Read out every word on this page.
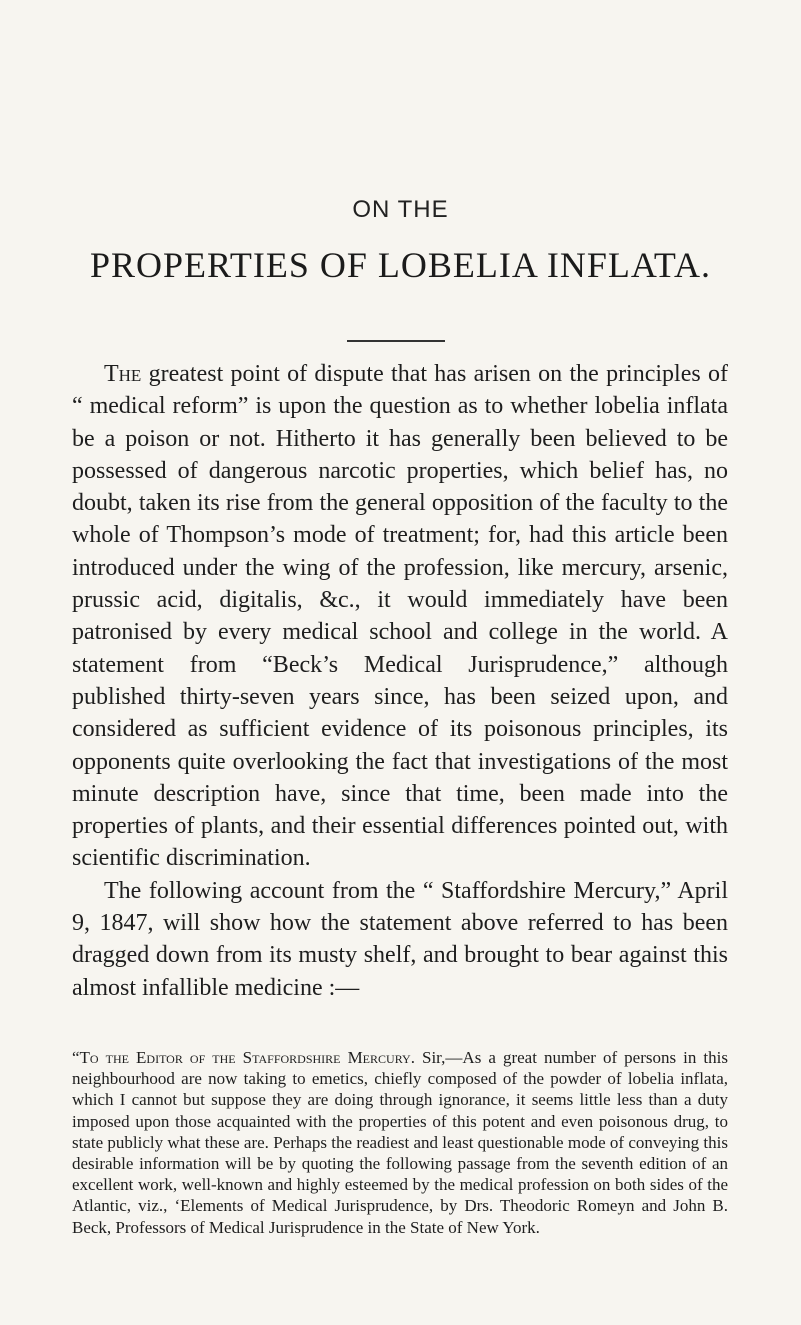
ON THE
PROPERTIES OF LOBELIA INFLATA.

The greatest point of dispute that has arisen on the principles of “ medical reform” is upon the question as to whether lobelia inflata be a poison or not. Hitherto it has generally been believed to be possessed of dangerous narcotic properties, which belief has, no doubt, taken its rise from the general opposition of the faculty to the whole of Thompson’s mode of treatment; for, had this article been introduced under the wing of the profession, like mercury, arsenic, prussic acid, digitalis, &c., it would immediately have been patronised by every medical school and college in the world. A statement from “Beck’s Medical Jurisprudence,” although published thirty-seven years since, has been seized upon, and considered as sufficient evidence of its poisonous principles, its opponents quite overlooking the fact that investigations of the most minute description have, since that time, been made into the properties of plants, and their essential differences pointed out, with scientific discrimination.

The following account from the “ Staffordshire Mercury,” April 9, 1847, will show how the statement above referred to has been dragged down from its musty shelf, and brought to bear against this almost infallible medicine :—

“To the Editor of the Staffordshire Mercury. Sir,—As a great number of persons in this neighbourhood are now taking to emetics, chiefly composed of the powder of lobelia inflata, which I cannot but suppose they are doing through ignorance, it seems little less than a duty imposed upon those acquainted with the properties of this potent and even poisonous drug, to state publicly what these are. Perhaps the readiest and least questionable mode of conveying this desirable information will be by quoting the following passage from the seventh edition of an excellent work, well-known and highly esteemed by the medical profession on both sides of the Atlantic, viz., ‘Elements of Medical Jurisprudence, by Drs. Theodoric Romeyn and John B. Beck, Professors of Medical Jurisprudence in the State of New York.
